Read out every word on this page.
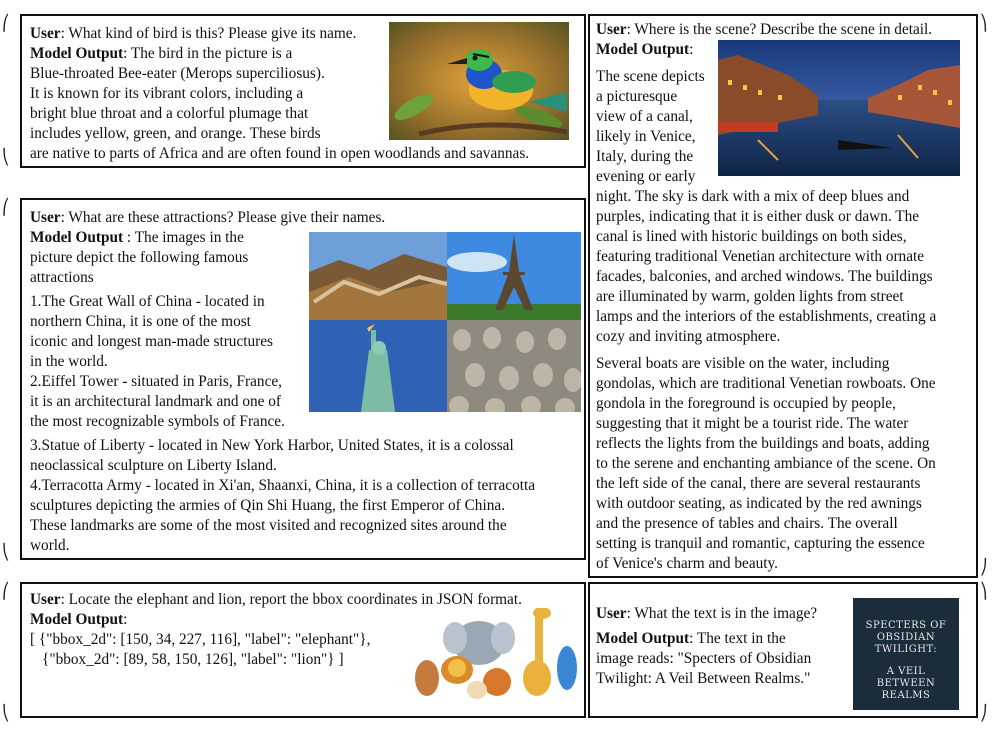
⎛
⎝
⎛
⎝
⎛
⎝
⎞
⎠
⎞
⎠
User: What kind of bird is this? Please give its name.
Model Output: The bird in the picture is a
Blue-throated Bee-eater (Merops superciliosus).
It is known for its vibrant colors, including a
bright blue throat and a colorful plumage that
includes yellow, green, and orange. These birds
are native to parts of Africa and are often found in open woodlands and savannas.
User: What are these attractions? Please give their names.
Model Output : The images in the
picture depict the following famous
attractions
1.The Great Wall of China - located in
northern China, it is one of the most
iconic and longest man-made structures
in the world.
2.Eiffel Tower - situated in Paris, France,
it is an architectural landmark and one of
the most recognizable symbols of France.
3.Statue of Liberty - located in New York Harbor, United States, it is a colossal
neoclassical sculpture on Liberty Island.
4.Terracotta Army - located in Xi'an, Shaanxi, China, it is a collection of terracotta
sculptures depicting the armies of Qin Shi Huang, the first Emperor of China.
These landmarks are some of the most visited and recognized sites around the
world.
User: Locate the elephant and lion, report the bbox coordinates in JSON format.
Model Output:
[ {"bbox_2d": [150, 34, 227, 116], "label": "elephant"},
{"bbox_2d": [89, 58, 150, 126], "label": "lion"} ]
User: Where is the scene? Describe the scene in detail.
Model Output:
The scene depicts
a picturesque
view of a canal,
likely in Venice,
Italy, during the
evening or early
night. The sky is dark with a mix of deep blues and
purples, indicating that it is either dusk or dawn. The
canal is lined with historic buildings on both sides,
featuring traditional Venetian architecture with ornate
facades, balconies, and arched windows. The buildings
are illuminated by warm, golden lights from street
lamps and the interiors of the establishments, creating a
cozy and inviting atmosphere.
Several boats are visible on the water, including
gondolas, which are traditional Venetian rowboats. One
gondola in the foreground is occupied by people,
suggesting that it might be a tourist ride. The water
reflects the lights from the buildings and boats, adding
to the serene and enchanting ambiance of the scene. On
the left side of the canal, there are several restaurants
with outdoor seating, as indicated by the red awnings
and the presence of tables and chairs. The overall
setting is tranquil and romantic, capturing the essence
of Venice's charm and beauty.
SPECTERS OF
OBSIDIAN
TWILIGHT:
A VEIL
BETWEEN REALMS
User: What the text is in the image?
Model Output: The text in the
image reads: "Specters of Obsidian
Twilight: A Veil Between Realms."
